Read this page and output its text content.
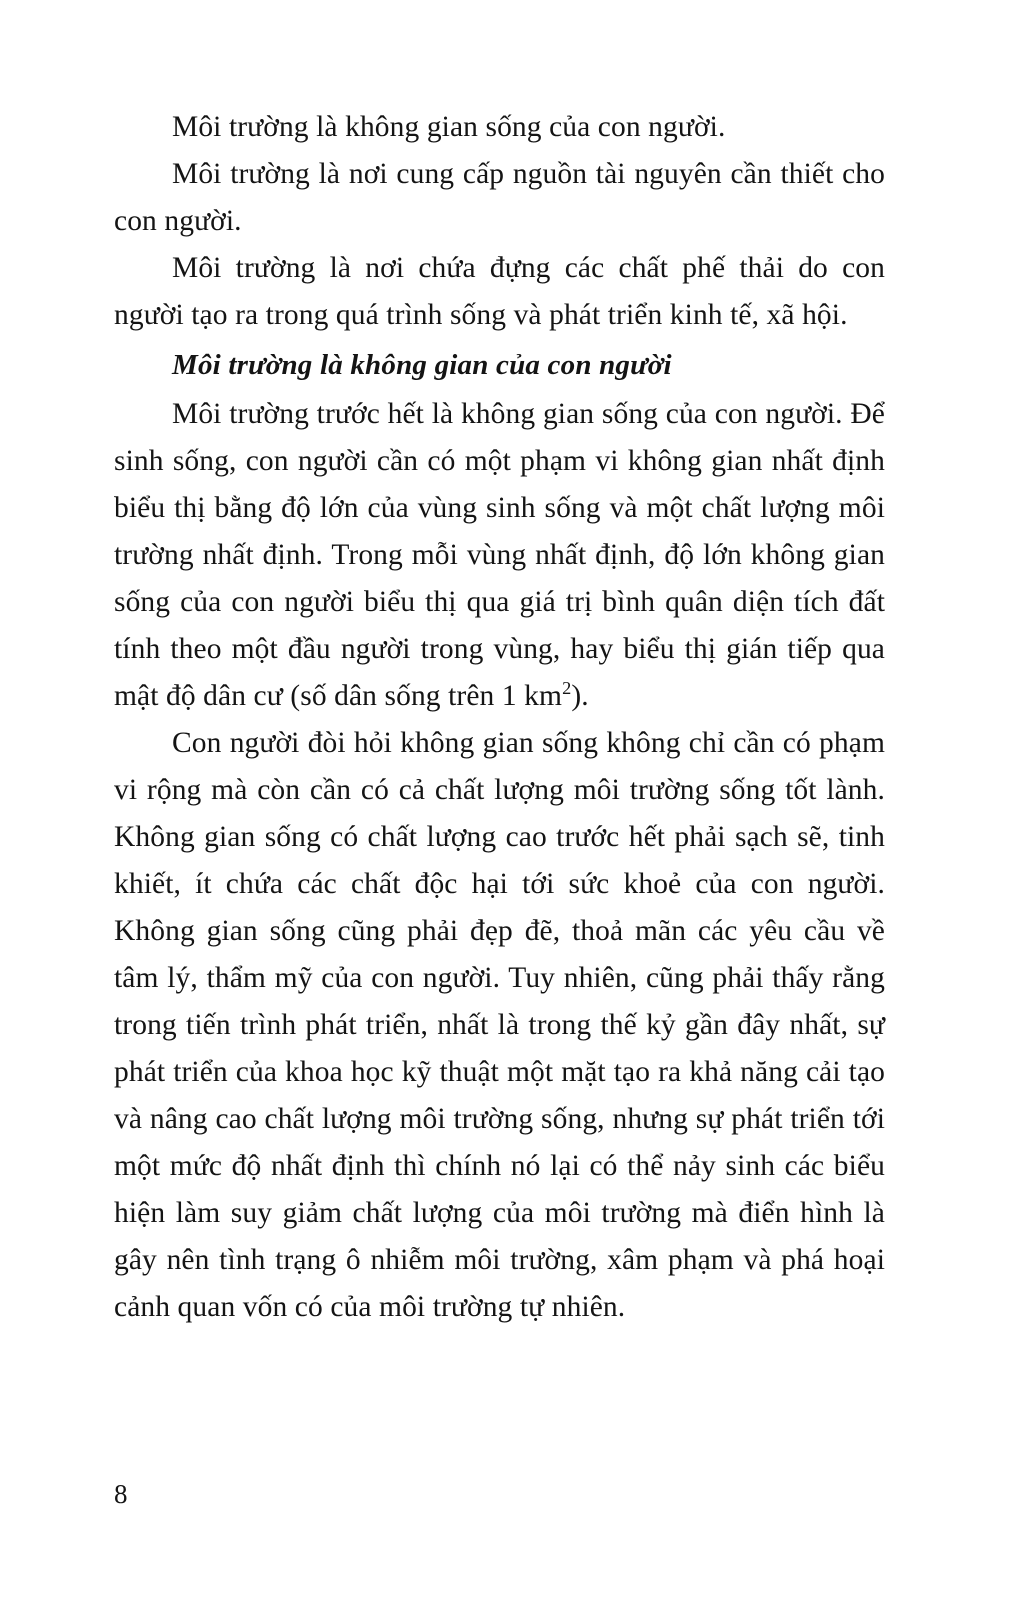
Môi trường là không gian sống của con người.

Môi trường là nơi cung cấp nguồn tài nguyên cần thiết cho con người.

Môi trường là nơi chứa đựng các chất phế thải do con người tạo ra trong quá trình sống và phát triển kinh tế, xã hội.

Môi trường là không gian của con người

Môi trường trước hết là không gian sống của con người. Để sinh sống, con người cần có một phạm vi không gian nhất định biểu thị bằng độ lớn của vùng sinh sống và một chất lượng môi trường nhất định. Trong mỗi vùng nhất định, độ lớn không gian sống của con người biểu thị qua giá trị bình quân diện tích đất tính theo một đầu người trong vùng, hay biểu thị gián tiếp qua mật độ dân cư (số dân sống trên 1 $km^2$).

Con người đòi hỏi không gian sống không chỉ cần có phạm vi rộng mà còn cần có cả chất lượng môi trường sống tốt lành. Không gian sống có chất lượng cao trước hết phải sạch sẽ, tinh khiết, ít chứa các chất độc hại tới sức khoẻ của con người. Không gian sống cũng phải đẹp đẽ, thoả mãn các yêu cầu về tâm lý, thẩm mỹ của con người. Tuy nhiên, cũng phải thấy rằng trong tiến trình phát triển, nhất là trong thế kỷ gần đây nhất, sự phát triển của khoa học kỹ thuật một mặt tạo ra khả năng cải tạo và nâng cao chất lượng môi trường sống, nhưng sự phát triển tới một mức độ nhất định thì chính nó lại có thể nảy sinh các biểu hiện làm suy giảm chất lượng của môi trường mà điển hình là gây nên tình trạng ô nhiễm môi trường, xâm phạm và phá hoại cảnh quan vốn có của môi trường tự nhiên.

8
